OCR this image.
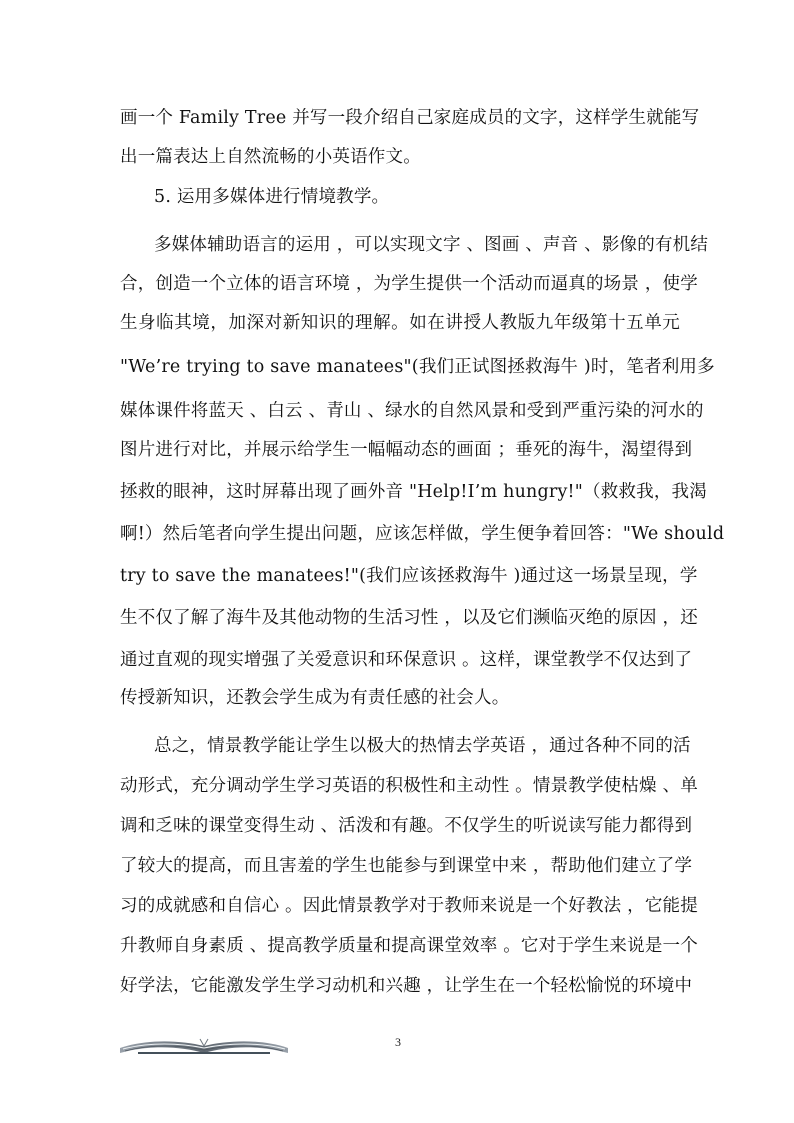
画一个 Family Tree 并写一段介绍自己家庭成员的文字，这样学生就能写
出一篇表达上自然流畅的小英语作文。
5. 运用多媒体进行情境教学。
多媒体辅助语言的运用 ，可以实现文字 、图画 、声音 、影像的有机结
合，创造一个立体的语言环境 ，为学生提供一个活动而逼真的场景 ，使学
生身临其境，加深对新知识的理解。如在讲授人教版九年级第十五单元
"We’re trying to save manatees"(我们正试图拯救海牛 )时，笔者利用多
媒体课件将蓝天 、白云 、青山 、绿水的自然风景和受到严重污染的河水的
图片进行对比，并展示给学生一幅幅动态的画面 ；垂死的海牛，渴望得到
拯救的眼神，这时屏幕出现了画外音 "Help!I’m hungry!"（救救我，我渴
啊!）然后笔者向学生提出问题，应该怎样做，学生便争着回答："We should
try to save the manatees!"(我们应该拯救海牛 )通过这一场景呈现，学
生不仅了解了海牛及其他动物的生活习性 ，以及它们濒临灭绝的原因 ，还
通过直观的现实增强了关爱意识和环保意识 。这样，课堂教学不仅达到了
传授新知识，还教会学生成为有责任感的社会人。
总之，情景教学能让学生以极大的热情去学英语 ，通过各种不同的活
动形式，充分调动学生学习英语的积极性和主动性 。情景教学使枯燥 、单
调和乏味的课堂变得生动 、活泼和有趣。不仅学生的听说读写能力都得到
了较大的提高，而且害羞的学生也能参与到课堂中来 ，帮助他们建立了学
习的成就感和自信心 。因此情景教学对于教师来说是一个好教法 ，它能提
升教师自身素质 、提高教学质量和提高课堂效率 。它对于学生来说是一个
好学法，它能激发学生学习动机和兴趣 ，让学生在一个轻松愉悦的环境中
3
